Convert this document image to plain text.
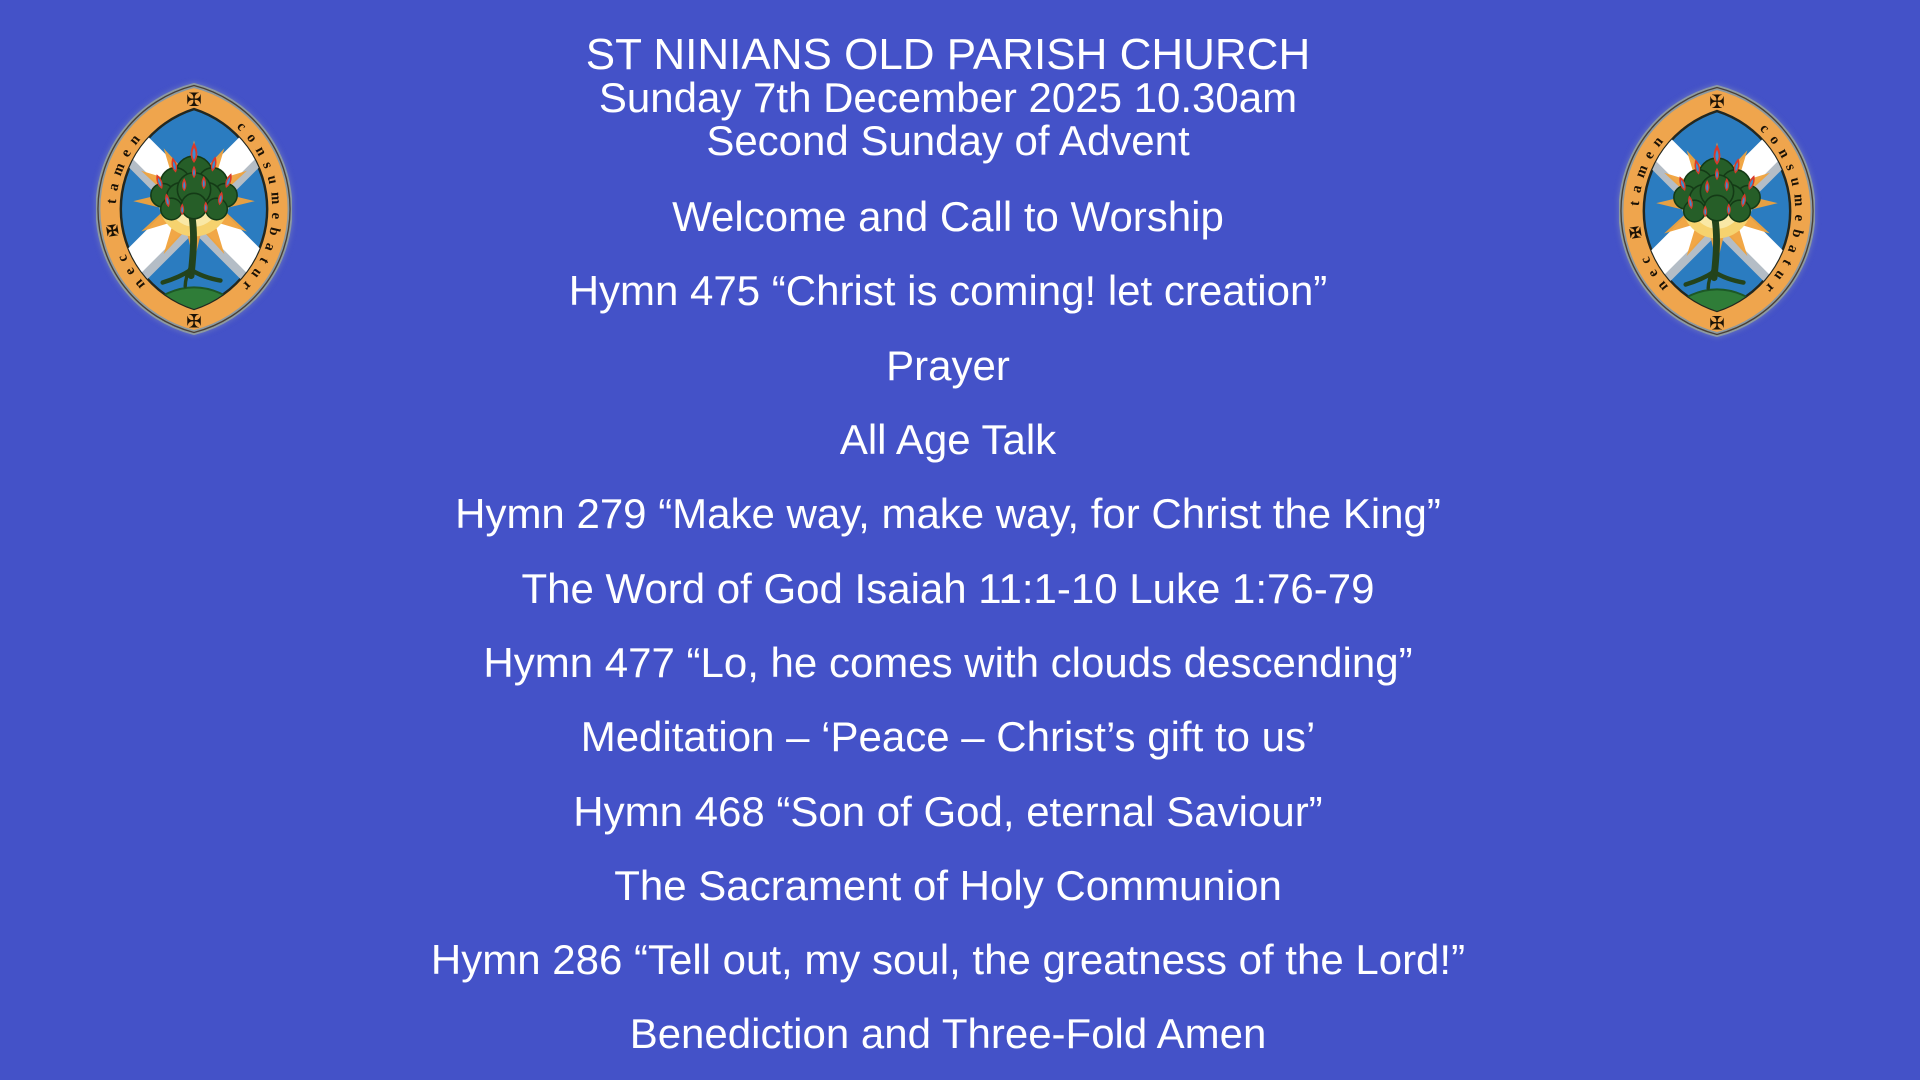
ST NINIANS OLD PARISH CHURCH
Sunday 7th December 2025 10.30am
Second Sunday of Advent
Welcome and Call to Worship
Hymn 475 “Christ is coming! let creation”
Prayer
All Age Talk
Hymn 279 “Make way, make way, for Christ the King”
The Word of God Isaiah 11:1-10 Luke 1:76-79
Hymn 477 “Lo, he comes with clouds descending”
Meditation – ‘Peace – Christ’s gift to us’
Hymn 468 “Son of God, eternal Saviour”
The Sacrament of Holy Communion
Hymn 286 “Tell out, my soul, the greatness of the Lord!”
Benediction and Three-Fold Amen
